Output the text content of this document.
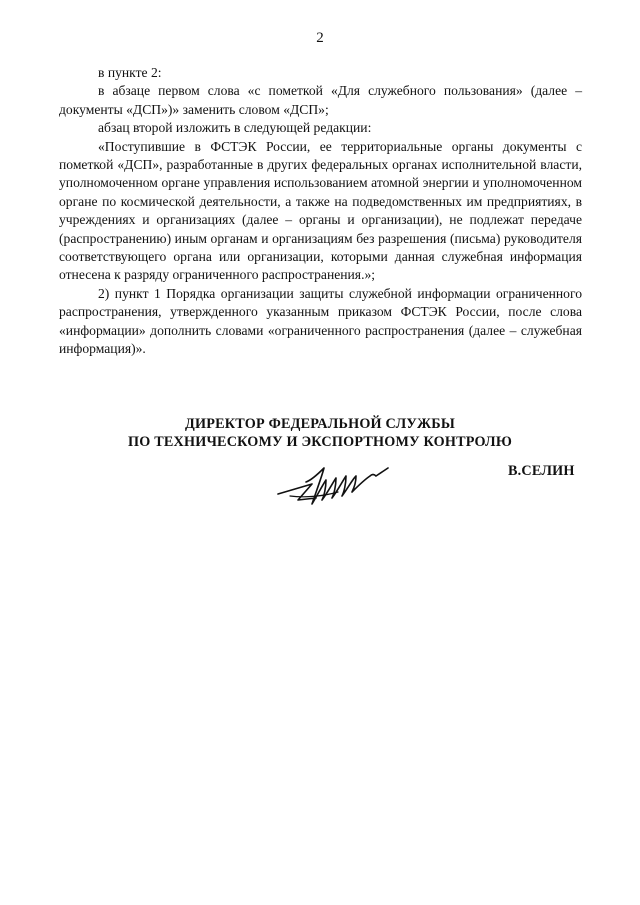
2

в пункте 2:

в абзаце первом слова «с пометкой «Для служебного пользования» (далее – документы «ДСП»)» заменить словом «ДСП»;

абзац второй изложить в следующей редакции:

«Поступившие в ФСТЭК России, ее территориальные органы документы с пометкой «ДСП», разработанные в других федеральных органах исполнительной власти, уполномоченном органе управления использованием атомной энергии и уполномоченном органе по космической деятельности, а также на подведомственных им предприятиях, в учреждениях и организациях (далее – органы и организации), не подлежат передаче (распространению) иным органам и организациям без разрешения (письма) руководителя соответствующего органа или организации, которыми данная служебная информация отнесена к разряду ограниченного распространения.»;

2) пункт 1 Порядка организации защиты служебной информации ограниченного распространения, утвержденного указанным приказом ФСТЭК России, после слова «информации» дополнить словами «ограниченного распространения (далее – служебная информация)».

ДИРЕКТОР ФЕДЕРАЛЬНОЙ СЛУЖБЫ
ПО ТЕХНИЧЕСКОМУ И ЭКСПОРТНОМУ КОНТРОЛЮ
В.СЕЛИН
